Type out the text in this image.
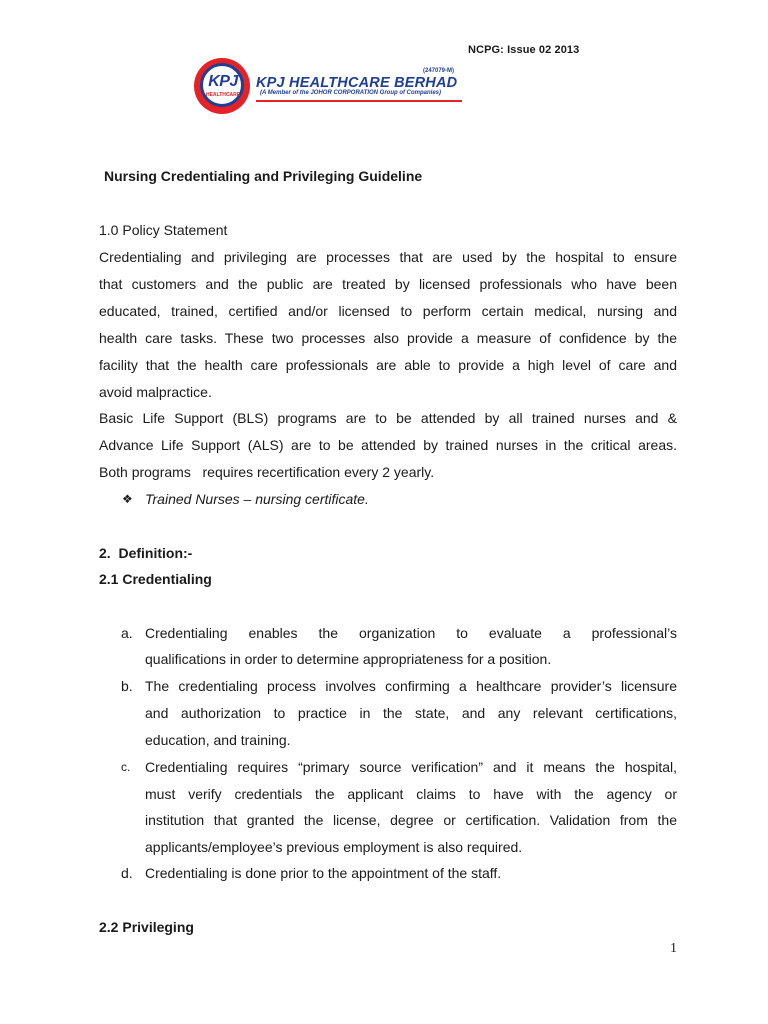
NCPG: Issue 02 2013
KPJ
HEALTHCARE
KPJ HEALTHCARE BERHAD
(247079-M)
(A Member of the JOHOR CORPORATION Group of Companies)
Nursing Credentialing and Privileging Guideline
1.0 Policy Statement
Credentialing and privileging are processes that are used by the hospital to ensure
that customers and the public are treated by licensed professionals who have been
educated, trained, certified and/or licensed to perform certain medical, nursing and
health care tasks. These two processes also provide a measure of confidence by the
facility that the health care professionals are able to provide a high level of care and
avoid malpractice.
Basic Life Support (BLS) programs are to be attended by all trained nurses and &
Advance Life Support (ALS) are to be attended by trained nurses in the critical areas.
Both programs   requires recertification every 2 yearly.
❖ Trained Nurses – nursing certificate.
2.  Definition:-
2.1 Credentialing
a. Credentialing enables the organization to evaluate a professional’s
qualifications in order to determine appropriateness for a position.
b. The credentialing process involves confirming a healthcare provider’s licensure
and authorization to practice in the state, and any relevant certifications,
education, and training.
c. Credentialing requires “primary source verification” and it means the hospital,
must verify credentials the applicant claims to have with the agency or
institution that granted the license, degree or certification. Validation from the
applicants/employee’s previous employment is also required.
d. Credentialing is done prior to the appointment of the staff.
2.2 Privileging
1
